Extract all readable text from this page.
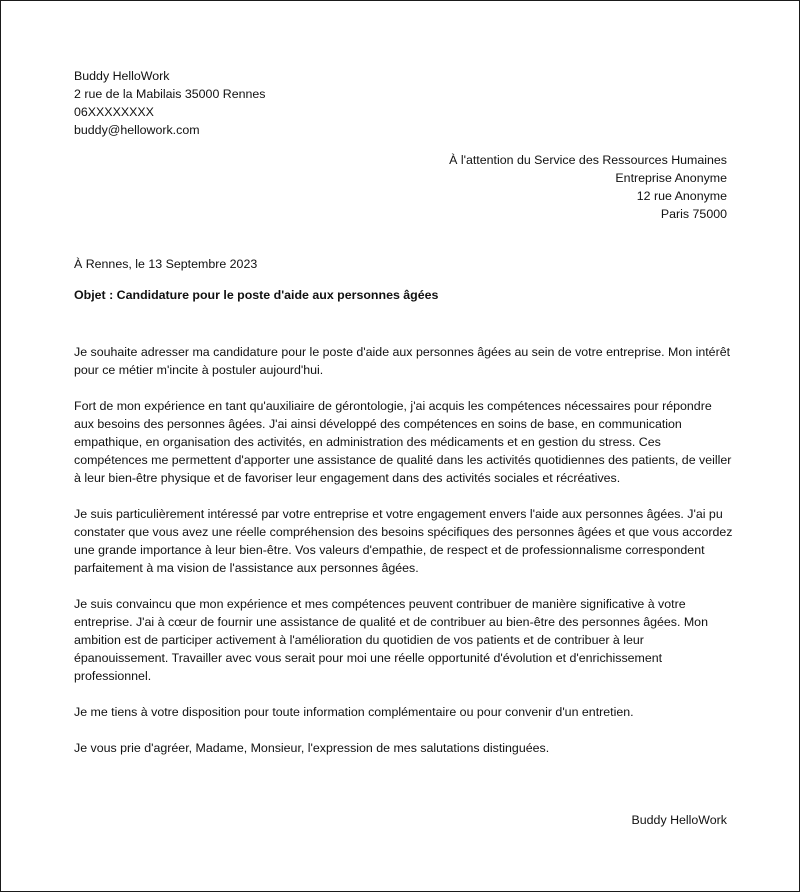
Buddy HelloWork
2 rue de la Mabilais 35000 Rennes
06XXXXXXXX
buddy@hellowork.com
À l'attention du Service des Ressources Humaines
Entreprise Anonyme
12 rue Anonyme
Paris 75000
À Rennes, le 13 Septembre 2023
Objet : Candidature pour le poste d'aide aux personnes âgées

Je souhaite adresser ma candidature pour le poste d'aide aux personnes âgées au sein de votre entreprise. Mon intérêt pour ce métier m'incite à postuler aujourd'hui.

Fort de mon expérience en tant qu'auxiliaire de gérontologie, j'ai acquis les compétences nécessaires pour répondre aux besoins des personnes âgées. J'ai ainsi développé des compétences en soins de base, en communication empathique, en organisation des activités, en administration des médicaments et en gestion du stress. Ces compétences me permettent d'apporter une assistance de qualité dans les activités quotidiennes des patients, de veiller à leur bien-être physique et de favoriser leur engagement dans des activités sociales et récréatives.

Je suis particulièrement intéressé par votre entreprise et votre engagement envers l'aide aux personnes âgées. J'ai pu constater que vous avez une réelle compréhension des besoins spécifiques des personnes âgées et que vous accordez une grande importance à leur bien-être. Vos valeurs d'empathie, de respect et de professionnalisme correspondent parfaitement à ma vision de l'assistance aux personnes âgées.

Je suis convaincu que mon expérience et mes compétences peuvent contribuer de manière significative à votre entreprise. J'ai à cœur de fournir une assistance de qualité et de contribuer au bien-être des personnes âgées. Mon ambition est de participer activement à l'amélioration du quotidien de vos patients et de contribuer à leur épanouissement. Travailler avec vous serait pour moi une réelle opportunité d'évolution et d'enrichissement professionnel.

Je me tiens à votre disposition pour toute information complémentaire ou pour convenir d'un entretien.

Je vous prie d'agréer, Madame, Monsieur, l'expression de mes salutations distinguées.

Buddy HelloWork
